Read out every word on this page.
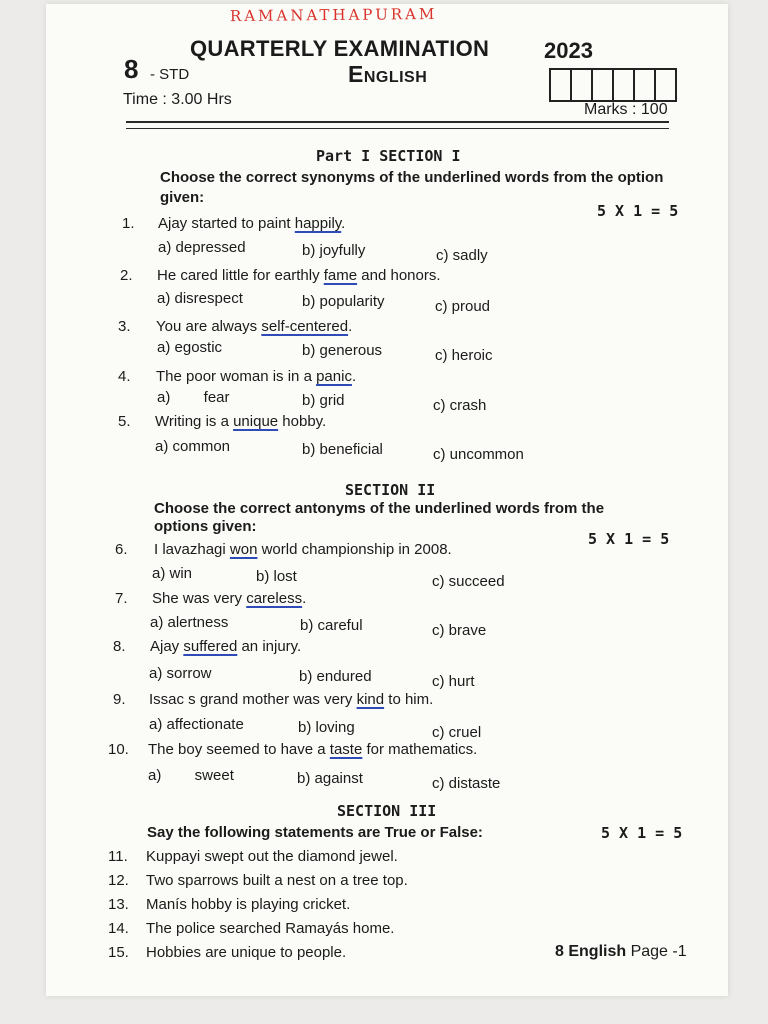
RAMANATHAPURAM
QUARTERLY EXAMINATION 2023
English
8 - STD
Time : 3.00 Hrs
Marks : 100
Part I SECTION I
Choose the correct synonyms of the underlined words from the option
given:
5 X 1 = 5
1. Ajay started to paint happily.
a) depressed	b) joyfully	c) sadly
2. He cared little for earthly fame and honors.
a) disrespect	b) popularity	c) proud
3. You are always self-centered.
a) egostic	b) generous	c) heroic
4. The poor woman is in a panic.
a)        fear	b) grid	c) crash
5. Writing is a unique hobby.
a) common	b) beneficial	c) uncommon
SECTION II
Choose the correct antonyms of the underlined words from the
options given:
5 X 1 = 5
6. I lavazhagi won world championship in 2008.
a) win	b) lost	c) succeed
7. She was very careless.
a) alertness	b) careful	c) brave
8. Ajay suffered an injury.
a) sorrow	b) endured	c) hurt
9. Issac s grand mother was very kind to him.
a) affectionate	b) loving	c) cruel
10. The boy seemed to have a taste for mathematics.
a)        sweet	b) against	c) distaste
SECTION III
Say the following statements are True or False:	5 X 1 = 5
11. Kuppayi swept out the diamond jewel.
12. Two sparrows built a nest on a tree top.
13. Manís hobby is playing cricket.
14. The police searched Ramayás home.
15. Hobbies are unique to people.	8 English Page -1
